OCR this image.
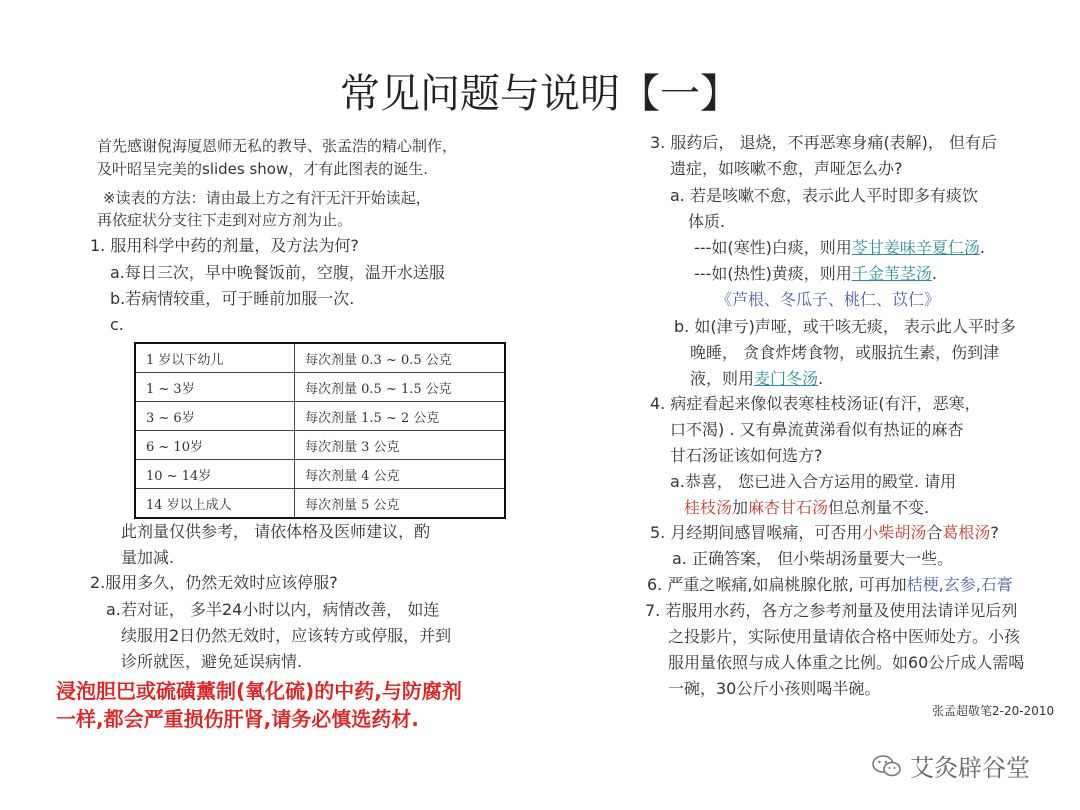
常见问题与说明【一】
首先感谢倪海厦恩师无私的教导、张孟浩的精心制作，
及叶昭呈完美的slides show，才有此图表的诞生.
※读表的方法：请由最上方之有汗无汗开始读起，
再依症状分支往下走到对应方剂为止。
1. 服用科学中药的剂量，及方法为何?
a.每日三次，早中晚餐饭前，空腹，温开水送服
b.若病情较重，可于睡前加服一次.
c.
1 岁以下幼儿	每次剂量 0.3 ~ 0.5 公克
1 ~ 3岁	每次剂量 0.5 ~ 1.5 公克
3 ~ 6岁	每次剂量 1.5 ~ 2 公克
6 ~ 10岁	每次剂量 3 公克
10 ~ 14岁	每次剂量 4 公克
14 岁以上成人	每次剂量 5 公克
此剂量仅供参考， 请依体格及医师建议，酌
量加减.
2.服用多久，仍然无效时应该停服?
a.若对证， 多半24小时以内，病情改善， 如连
续服用2日仍然无效时，应该转方或停服，并到
诊所就医，避免延误病情.
浸泡胆巴或硫磺薰制(氧化硫)的中药,与防腐剂
一样,都会严重损伤肝肾,请务必慎选药材.
3. 服药后， 退烧，不再恶寒身痛(表解)， 但有后
遗症，如咳嗽不愈，声哑怎么办?
a. 若是咳嗽不愈，表示此人平时即多有痰饮
体质.
---如(寒性)白痰，则用苓甘姜味辛夏仁汤.
---如(热性)黄痰，则用千金苇茎汤.
《芦根、冬瓜子、桃仁、苡仁》
b. 如(津亏)声哑，或干咳无痰， 表示此人平时多
晚睡， 贪食炸烤食物，或服抗生素，伤到津
液，则用麦门冬汤.
4. 病症看起来像似表寒桂枝汤证(有汗，恶寒，
口不渴) . 又有鼻流黄涕看似有热证的麻杏
甘石汤证该如何选方?
a.恭喜， 您已进入合方运用的殿堂. 请用
桂枝汤加麻杏甘石汤但总剂量不变.
5. 月经期间感冒喉痛，可否用小柴胡汤合葛根汤?
a. 正确答案， 但小柴胡汤量要大一些。
6. 严重之喉痛,如扁桃腺化脓, 可再加桔梗,玄参,石膏
7. 若服用水药，各方之参考剂量及使用法请详见后列
之投影片，实际使用量请依合格中医师处方。小孩
服用量依照与成人体重之比例。如60公斤成人需喝
一碗，30公斤小孩则喝半碗。
张孟超敬笔2-20-2010
艾灸辟谷堂
